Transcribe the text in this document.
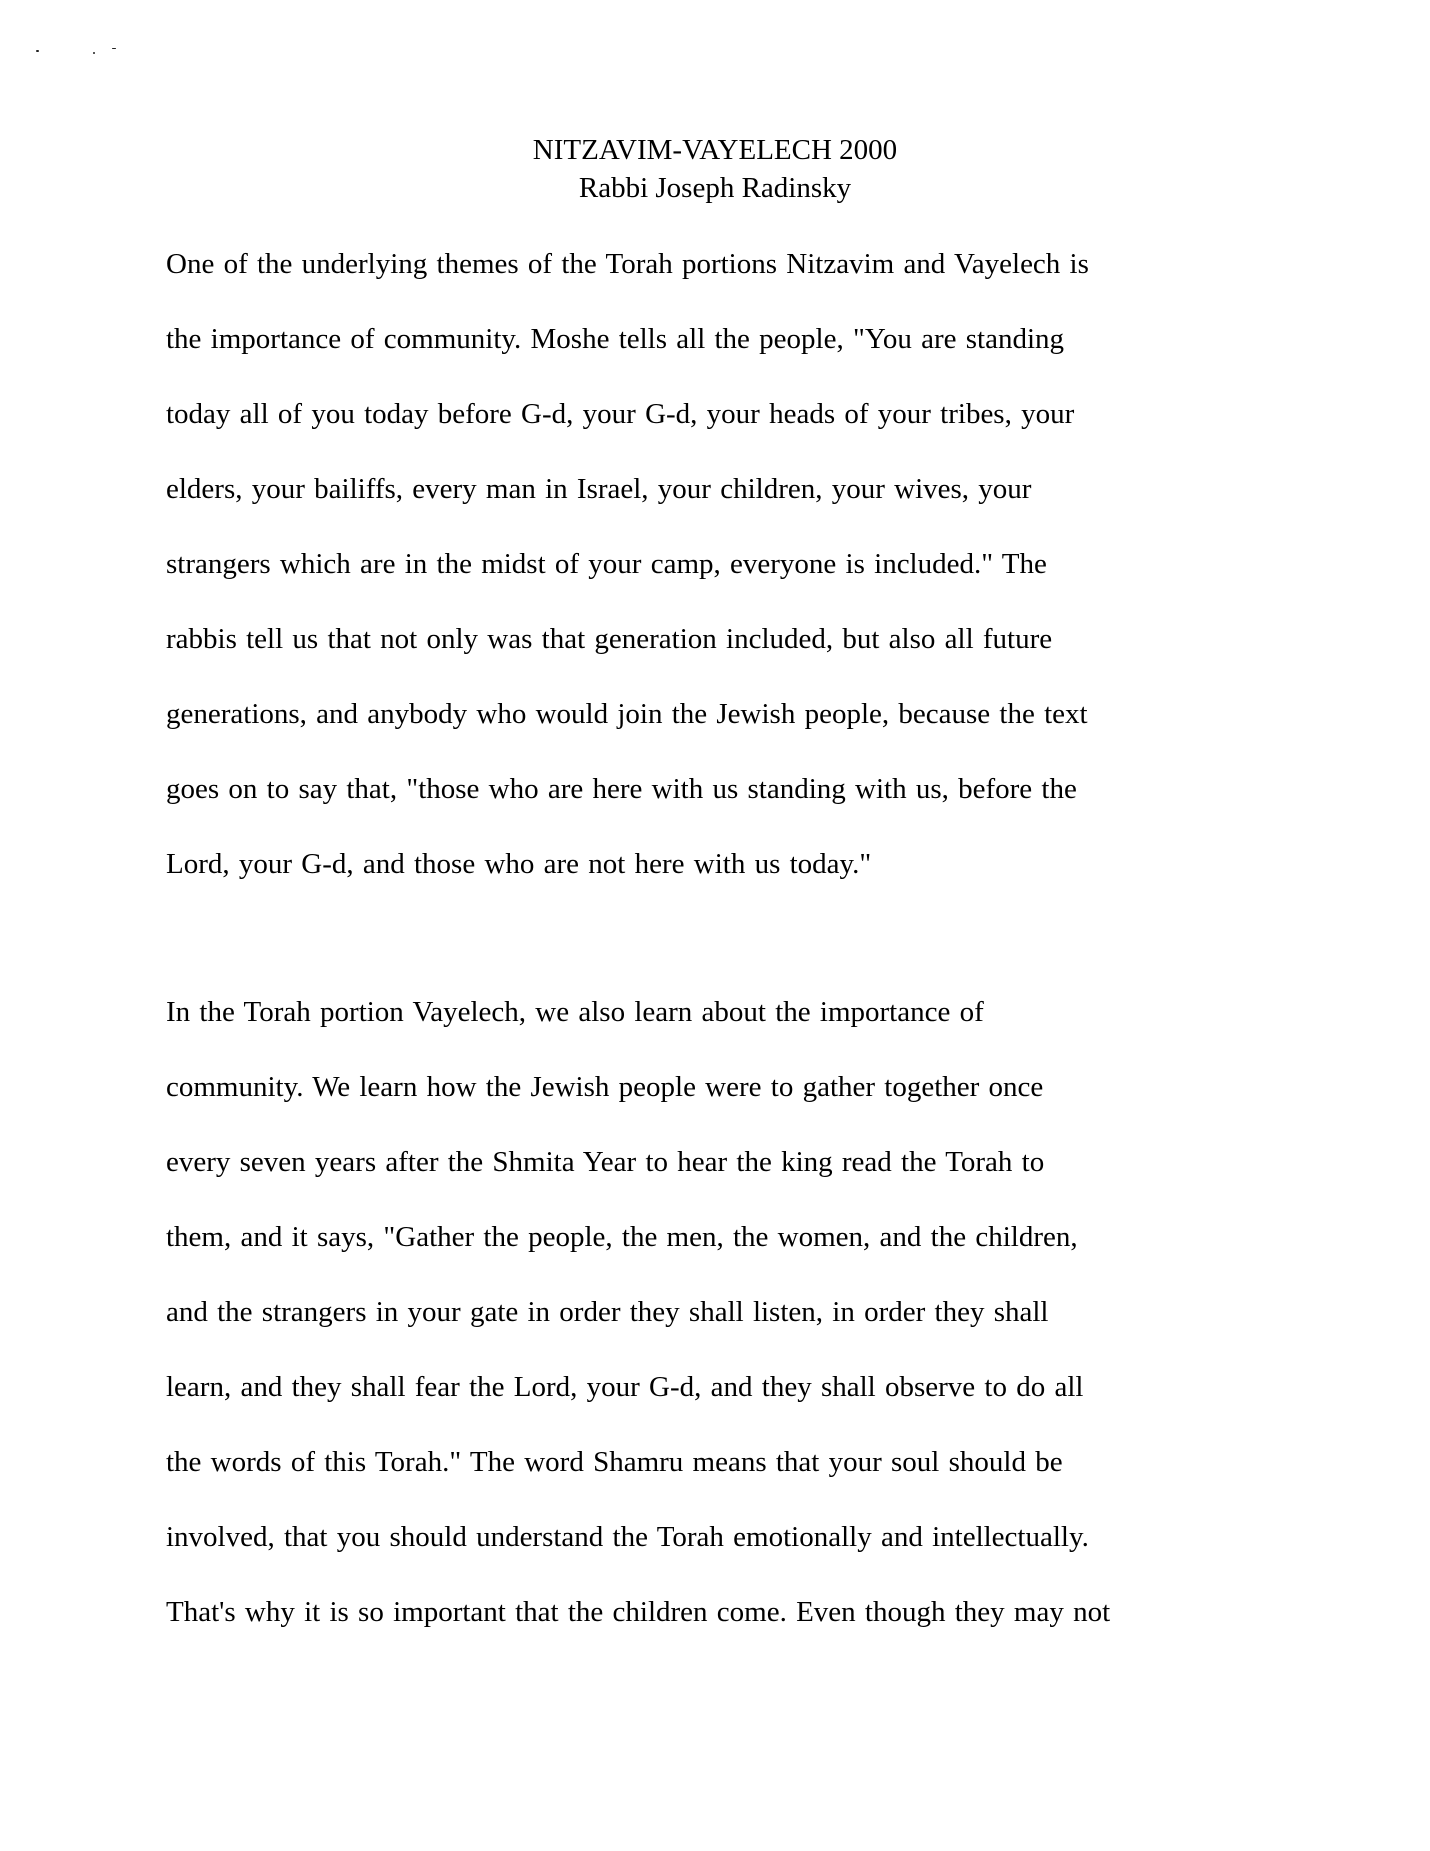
NITZAVIM-VAYELECH 2000
Rabbi Joseph Radinsky
One of the underlying themes of the Torah portions Nitzavim and Vayelech is
the importance of community. Moshe tells all the people, "You are standing
today all of you today before G-d, your G-d, your heads of your tribes, your
elders, your bailiffs, every man in Israel, your children, your wives, your
strangers which are in the midst of your camp, everyone is included." The
rabbis tell us that not only was that generation included, but also all future
generations, and anybody who would join the Jewish people, because the text
goes on to say that, "those who are here with us standing with us, before the
Lord, your G-d, and those who are not here with us today."
In the Torah portion Vayelech, we also learn about the importance of
community. We learn how the Jewish people were to gather together once
every seven years after the Shmita Year to hear the king read the Torah to
them, and it says, "Gather the people, the men, the women, and the children,
and the strangers in your gate in order they shall listen, in order they shall
learn, and they shall fear the Lord, your G-d, and they shall observe to do all
the words of this Torah." The word Shamru means that your soul should be
involved, that you should understand the Torah emotionally and intellectually.
That's why it is so important that the children come. Even though they may not
